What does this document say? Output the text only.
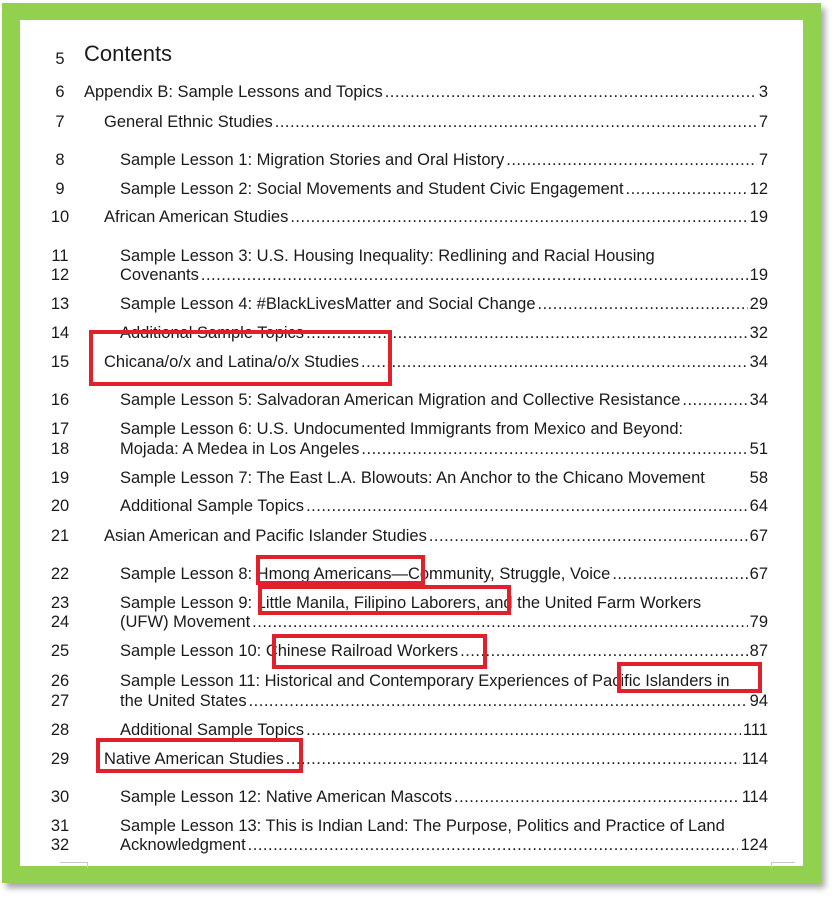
5 Contents
6	Appendix B: Sample Lessons and Topics .....	3
7	General Ethnic Studies .....	7
8	Sample Lesson 1: Migration Stories and Oral History .....	7
9	Sample Lesson 2: Social Movements and Student Civic Engagement .....	12
10	African American Studies .....	19
11	Sample Lesson 3: U.S. Housing Inequality: Redlining and Racial Housing
12	Covenants .....	19
13	Sample Lesson 4: #BlackLivesMatter and Social Change .....	29
14	Additional Sample Topics .....	32
15	Chicana/o/x and Latina/o/x Studies .....	34
16	Sample Lesson 5: Salvadoran American Migration and Collective Resistance .....	34
17	Sample Lesson 6: U.S. Undocumented Immigrants from Mexico and Beyond:
18	Mojada: A Medea in Los Angeles .....	51
19	Sample Lesson 7: The East L.A. Blowouts: An Anchor to the Chicano Movement	58
20	Additional Sample Topics .....	64
21	Asian American and Pacific Islander Studies .....	67
22	Sample Lesson 8: Hmong Americans—Community, Struggle, Voice .....	67
23	Sample Lesson 9: Little Manila, Filipino Laborers, and the United Farm Workers
24	(UFW) Movement .....	79
25	Sample Lesson 10: Chinese Railroad Workers .....	87
26	Sample Lesson 11: Historical and Contemporary Experiences of Pacific Islanders in
27	the United States .....	94
28	Additional Sample Topics .....	111
29	Native American Studies .....	114
30	Sample Lesson 12: Native American Mascots .....	114
31	Sample Lesson 13: This is Indian Land: The Purpose, Politics and Practice of Land
32	Acknowledgment .....	124
